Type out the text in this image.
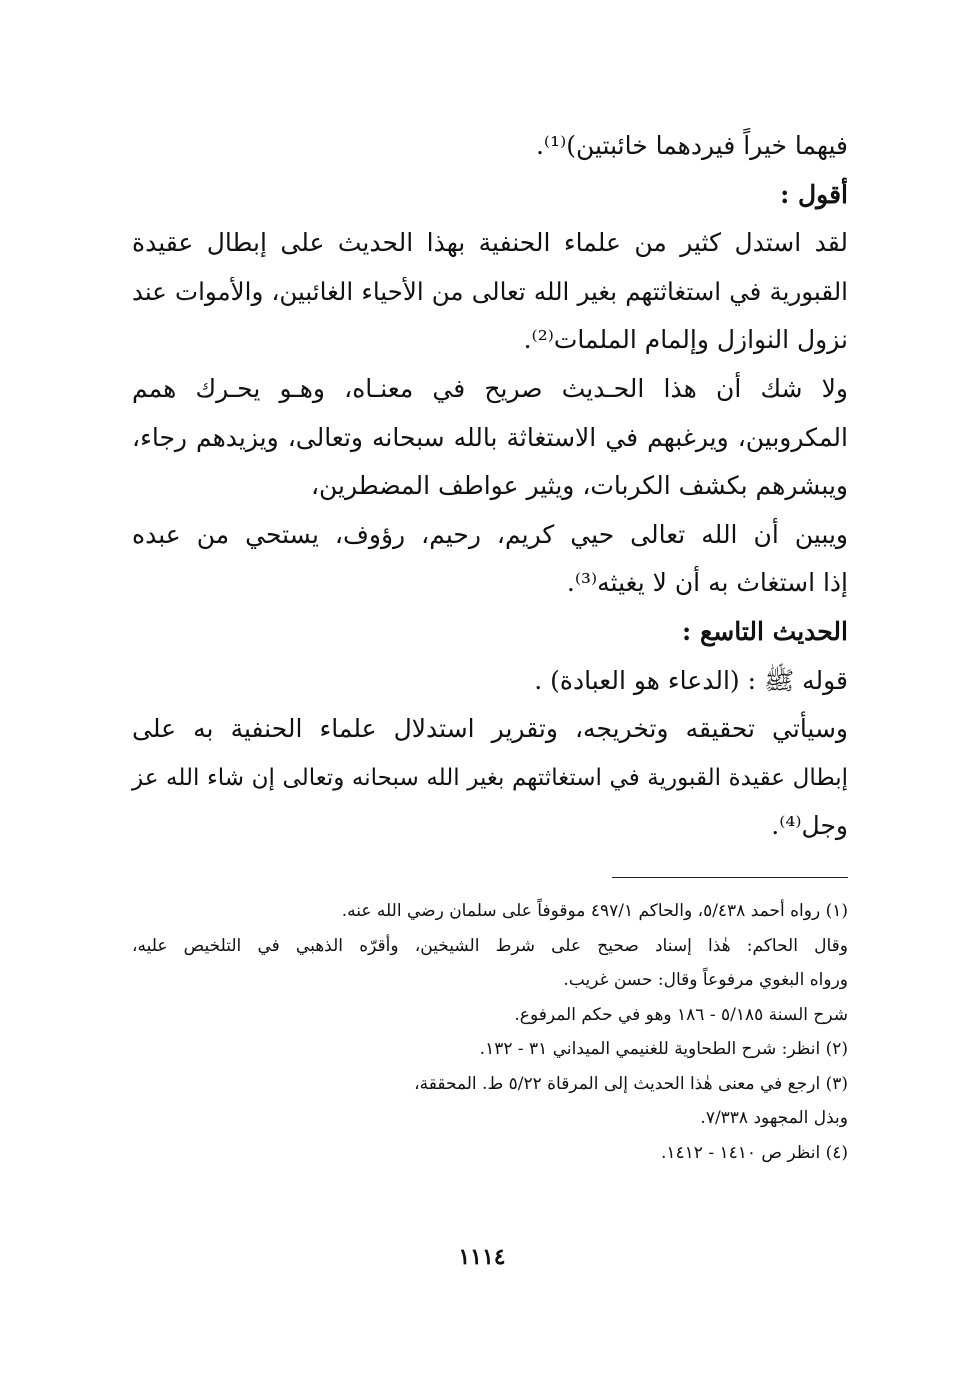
فيهما خيراً فيردهما خائبتين)⁽¹⁾.
أقول :
لقد استدل كثير من علماء الحنفية بهذا الحديث على إبطال عقيدة
القبورية في استغاثتهم بغير الله تعالى من الأحياء الغائبين، والأموات عند
نزول النوازل وإلمام الملمات⁽²⁾.
ولا شك أن هذا الحـديث صريح في معنـاه، وهـو يحـرك همم
المكروبين، ويرغبهم في الاستغاثة بالله سبحانه وتعالى، ويزيدهم رجاء،
ويبشرهم بكشف الكربات، ويثير عواطف المضطرين،
ويبين أن الله تعالى حيي كريم، رحيم، رؤوف، يستحي من عبده
إذا استغاث به أن لا يغيثه⁽³⁾.
الحديث التاسع :
قوله ﷺ : (الدعاء هو العبادة) .
وسيأتي تحقيقه وتخريجه، وتقرير استدلال علماء الحنفية به على
إبطال عقيدة القبورية في استغاثتهم بغير الله سبحانه وتعالى إن شاء الله عز
وجل⁽⁴⁾.
(١) رواه أحمد ٥/٤٣٨، والحاكم ٤٩٧/١ موقوفاً على سلمان رضي الله عنه.
وقال الحاكم: هٰذا إسناد صحيح على شرط الشيخين، وأقرّه الذهبي في التلخيص عليه،
ورواه البغوي مرفوعاً وقال: حسن غريب.
شرح السنة ٥/١٨٥ - ١٨٦ وهو في حكم المرفوع.
(٢) انظر: شرح الطحاوية للغنيمي الميداني ٣١ - ١٣٢.
(٣) ارجع في معنى هٰذا الحديث إلى المرقاة ٥/٢٢ ط. المحققة،
وبذل المجهود ٧/٣٣٨.
(٤) انظر ص ١٤١٠ - ١٤١٢.
١١١٤
